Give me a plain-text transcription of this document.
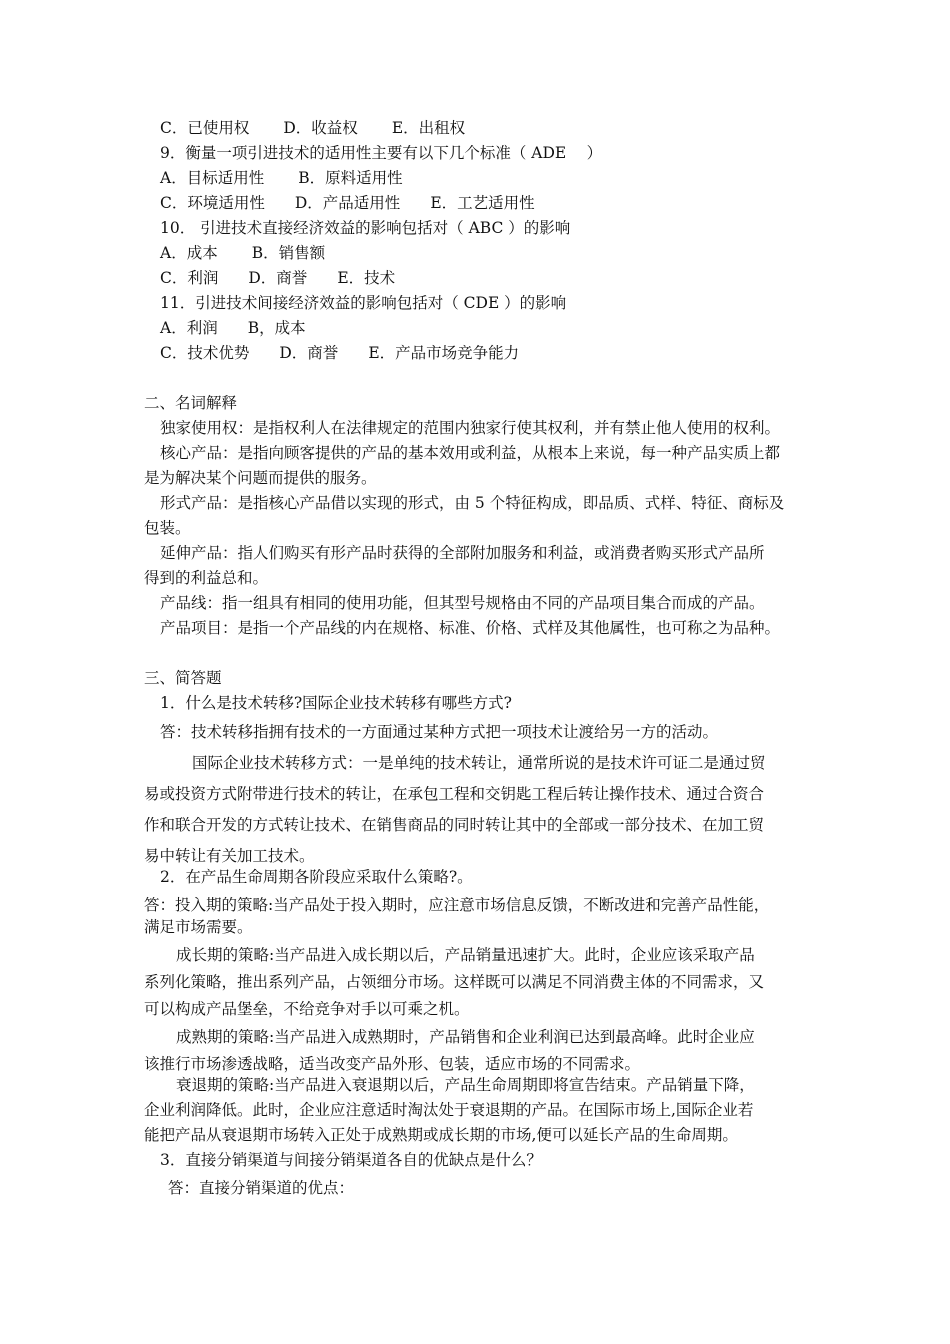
C．已使用权 D．收益权 E．出租权
9．衡量一项引进技术的适用性主要有以下几个标准（ ADE　 ）
A．目标适用性 B．原料适用性
C．环境适用性 D．产品适用性 E．工艺适用性
10． 引进技术直接经济效益的影响包括对（ ABC ）的影响
A．成本 B．销售额
C．利润 D．商誉 E．技术
11．引进技术间接经济效益的影响包括对（ CDE ）的影响
A．利润 B，成本
C．技术优势 D．商誉 E．产品市场竞争能力
二、名词解释
独家使用权：是指权利人在法律规定的范围内独家行使其权利，并有禁止他人使用的权利。
核心产品：是指向顾客提供的产品的基本效用或利益，从根本上来说，每一种产品实质上都
是为解决某个问题而提供的服务。
形式产品：是指核心产品借以实现的形式，由 5 个特征构成，即品质、式样、特征、商标及
包装。
延伸产品：指人们购买有形产品时获得的全部附加服务和利益，或消费者购买形式产品所
得到的利益总和。
产品线：指一组具有相同的使用功能，但其型号规格由不同的产品项目集合而成的产品。
产品项目：是指一个产品线的内在规格、标准、价格、式样及其他属性，也可称之为品种。
三、简答题
1．什么是技术转移?国际企业技术转移有哪些方式?
答：技术转移指拥有技术的一方面通过某种方式把一项技术让渡给另一方的活动。
国际企业技术转移方式：一是单纯的技术转让，通常所说的是技术许可证二是通过贸
易或投资方式附带进行技术的转让，在承包工程和交钥匙工程后转让操作技术、通过合资合
作和联合开发的方式转让技术、在销售商品的同时转让其中的全部或一部分技术、在加工贸
易中转让有关加工技术。
2．在产品生命周期各阶段应采取什么策略?。
答：投入期的策略:当产品处于投入期时，应注意市场信息反馈，不断改进和完善产品性能，
满足市场需要。
成长期的策略:当产品进入成长期以后，产品销量迅速扩大。此时，企业应该采取产品
系列化策略，推出系列产品，占领细分市场。这样既可以满足不同消费主体的不同需求，又
可以构成产品堡垒，不给竞争对手以可乘之机。
成熟期的策略:当产品进入成熟期时，产品销售和企业利润已达到最高峰。此时企业应
该推行市场渗透战略，适当改变产品外形、包装，适应市场的不同需求。
衰退期的策略:当产品进入衰退期以后，产品生命周期即将宣告结束。产品销量下降，
企业利润降低。此时，企业应注意适时淘汰处于衰退期的产品。在国际市场上,国际企业若
能把产品从衰退期市场转入正处于成熟期或成长期的市场,便可以延长产品的生命周期。
3．直接分销渠道与间接分销渠道各自的优缺点是什么？
答：直接分销渠道的优点：
